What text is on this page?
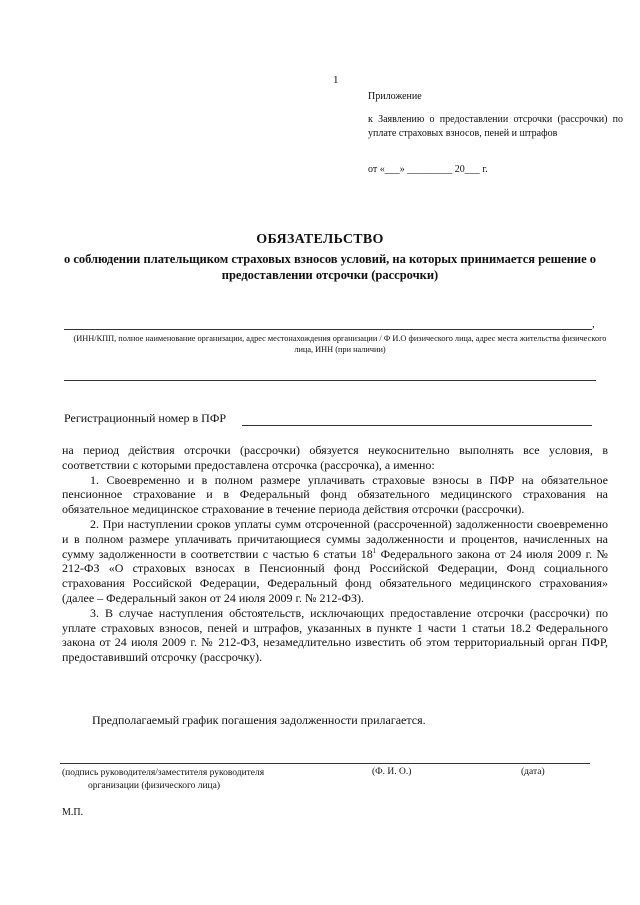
1
Приложение
к Заявлению о предоставлении отсрочки (рассрочки) по уплате страховых взносов, пеней и штрафов
от «___» _________ 20___ г.
ОБЯЗАТЕЛЬСТВО
о соблюдении плательщиком страховых взносов условий, на которых принимается решение о предоставлении отсрочки (рассрочки)
,
(ИНН/КПП, полное наименование организации, адрес местонахождения организации / Ф И.О физического лица, адрес места жительства физического лица, ИНН (при наличии)
Регистрационный номер в ПФР

на период действия отсрочки (рассрочки) обязуется неукоснительно выполнять все условия, в соответствии с которыми предоставлена отсрочка (рассрочка), а именно:

1. Своевременно и в полном размере уплачивать страховые взносы в ПФР на обязательное пенсионное страхование и в Федеральный фонд обязательного медицинского страхования на обязательное медицинское страхование в течение периода действия отсрочки (рассрочки).

2. При наступлении сроков уплаты сумм отсроченной (рассроченной) задолженности своевременно и в полном размере уплачивать причитающиеся суммы задолженности и процентов, начисленных на сумму задолженности в соответствии с частью 6 статьи $18^1$ Федерального закона от 24 июля 2009 г. № 212-ФЗ «О страховых взносах в Пенсионный фонд Российской Федерации, Фонд социального страхования Российской Федерации, Федеральный фонд обязательного медицинского страхования» (далее – Федеральный закон от 24 июля 2009 г. № 212-ФЗ).

3. В случае наступления обстоятельств, исключающих предоставление отсрочки (рассрочки) по уплате страховых взносов, пеней и штрафов, указанных в пункте 1 части 1 статьи 18.2 Федерального закона от 24 июля 2009 г. № 212-ФЗ, незамедлительно известить об этом территориальный орган ПФР, предоставивший отсрочку (рассрочку).

Предполагаемый график погашения задолженности прилагается.
(подпись руководителя/заместителя руководителя
организации (физического лица)
(Ф. И. О.)	(дата)
М.П.
